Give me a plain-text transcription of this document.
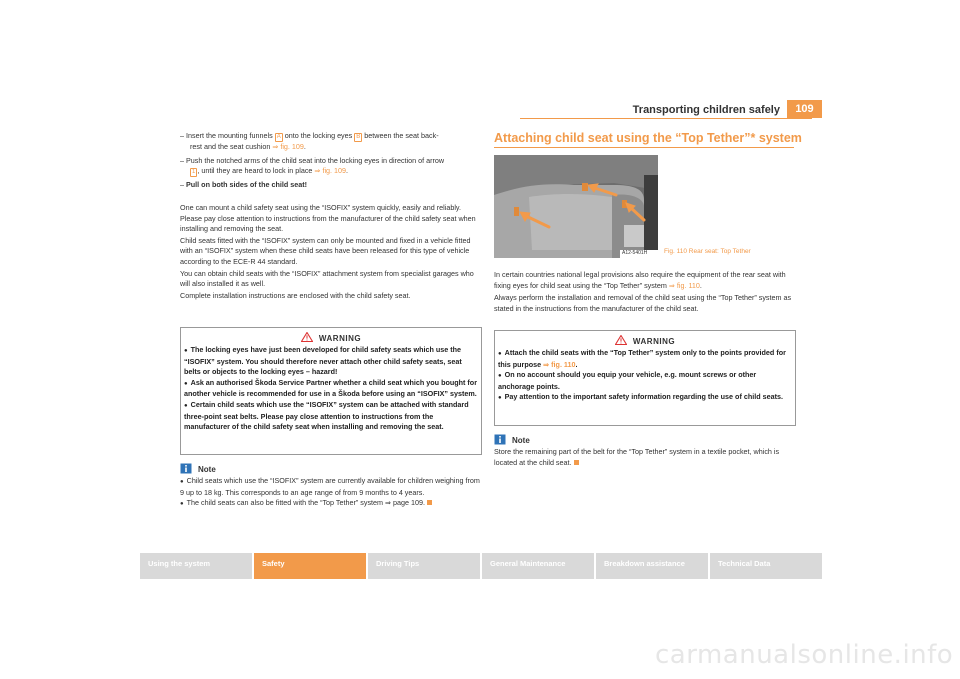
Transporting children safely	109
– Insert the mounting funnels A onto the locking eyes B between the seat back-
rest and the seat cushion ⇒ fig. 109.
– Push the notched arms of the child seat into the locking eyes in direction of arrow
1 , until they are heard to lock in place ⇒ fig. 109.
– Pull on both sides of the child seat!
One can mount a child safety seat using the “ISOFIX” system quickly, easily and reliably. Please pay close attention to instructions from the manufacturer of the child safety seat when installing and removing the seat.
Child seats fitted with the “ISOFIX” system can only be mounted and fixed in a vehicle fitted with an “ISOFIX” system when these child seats have been released for this type of vehicle according to the ECE-R 44 standard.
You can obtain child seats with the “ISOFIX” attachment system from specialist garages who will also installed it as well.
Complete installation instructions are enclosed with the child safety seat.
WARNING
● The locking eyes have just been developed for child safety seats which use the “ISOFIX” system. You should therefore never attach other child safety seats, seat belts or objects to the locking eyes – hazard!
● Ask an authorised Škoda Service Partner whether a child seat which you bought for another vehicle is recommended for use in a Škoda before using an “ISOFIX” system.
● Certain child seats which use the “ISOFIX” system can be attached with standard three-point seat belts. Please pay close attention to instructions from the manufacturer of the child safety seat when installing and removing the seat.
Note
● Child seats which use the “ISOFIX” system are currently available for children weighing from 9 up to 18 kg. This corresponds to an age range of from 9 months to 4 years.
● The child seats can also be fitted with the “Top Tether” system ⇒ page 109.
Attaching child seat using the “Top Tether”* system
A12-5401H	Fig. 110 Rear seat: Top Tether
In certain countries national legal provisions also require the equipment of the rear seat with fixing eyes for child seat using the “Top Tether” system ⇒ fig. 110.
Always perform the installation and removal of the child seat using the “Top Tether” system as stated in the instructions from the manufacturer of the child seat.
WARNING
● Attach the child seats with the “Top Tether” system only to the points provided for this purpose ⇒ fig. 110.
● On no account should you equip your vehicle, e.g. mount screws or other anchorage points.
● Pay attention to the important safety information regarding the use of child seats.
Note
Store the remaining part of the belt for the “Top Tether” system in a textile pocket, which is located at the child seat.
Using the system	Safety	Driving Tips	General Maintenance	Breakdown assistance	Technical Data
carmanualsonline.info
